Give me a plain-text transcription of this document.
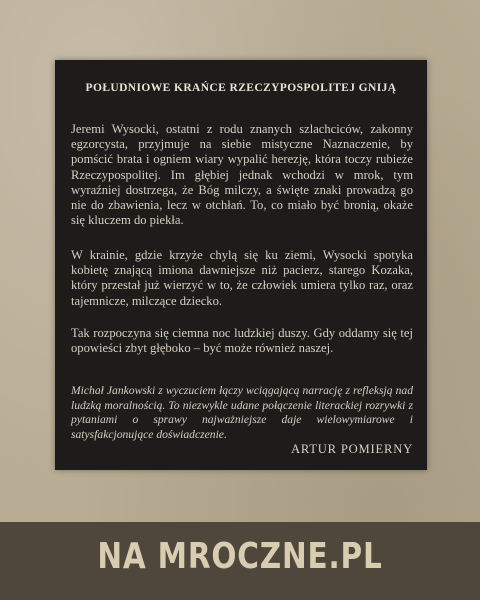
POŁUDNIOWE KRAŃCE RZECZYPOSPOLITEJ GNIJĄ

Jeremi Wysocki, ostatni z rodu znanych szlachciców, zakonny egzorcysta, przyjmuje na siebie mistyczne Naznaczenie, by pomścić brata i ogniem wiary wypalić herezję, która toczy rubieże Rzeczypospolitej. Im głębiej jednak wchodzi w mrok, tym wyraźniej dostrzega, że Bóg milczy, a święte znaki prowadzą go nie do zbawienia, lecz w otchłań. To, co miało być bronią, okaże się kluczem do piekła.

W krainie, gdzie krzyże chylą się ku ziemi, Wysocki spotyka kobietę znającą imiona dawniejsze niż pacierz, starego Kozaka, który przestał już wierzyć w to, że człowiek umiera tylko raz, oraz tajemnicze, milczące dziecko.

Tak rozpoczyna się ciemna noc ludzkiej duszy. Gdy oddamy się tej opowieści zbyt głęboko – być może również naszej.

Michał Jankowski z wyczuciem łączy wciągającą narrację z refleksją nad ludzką moralnością. To niezwykle udane połączenie literackiej rozrywki z pytaniami o sprawy najważniejsze daje wielowymiarowe i satysfakcjonujące doświadczenie.

ARTUR POMIERNY
NA MROCZNE.PL
